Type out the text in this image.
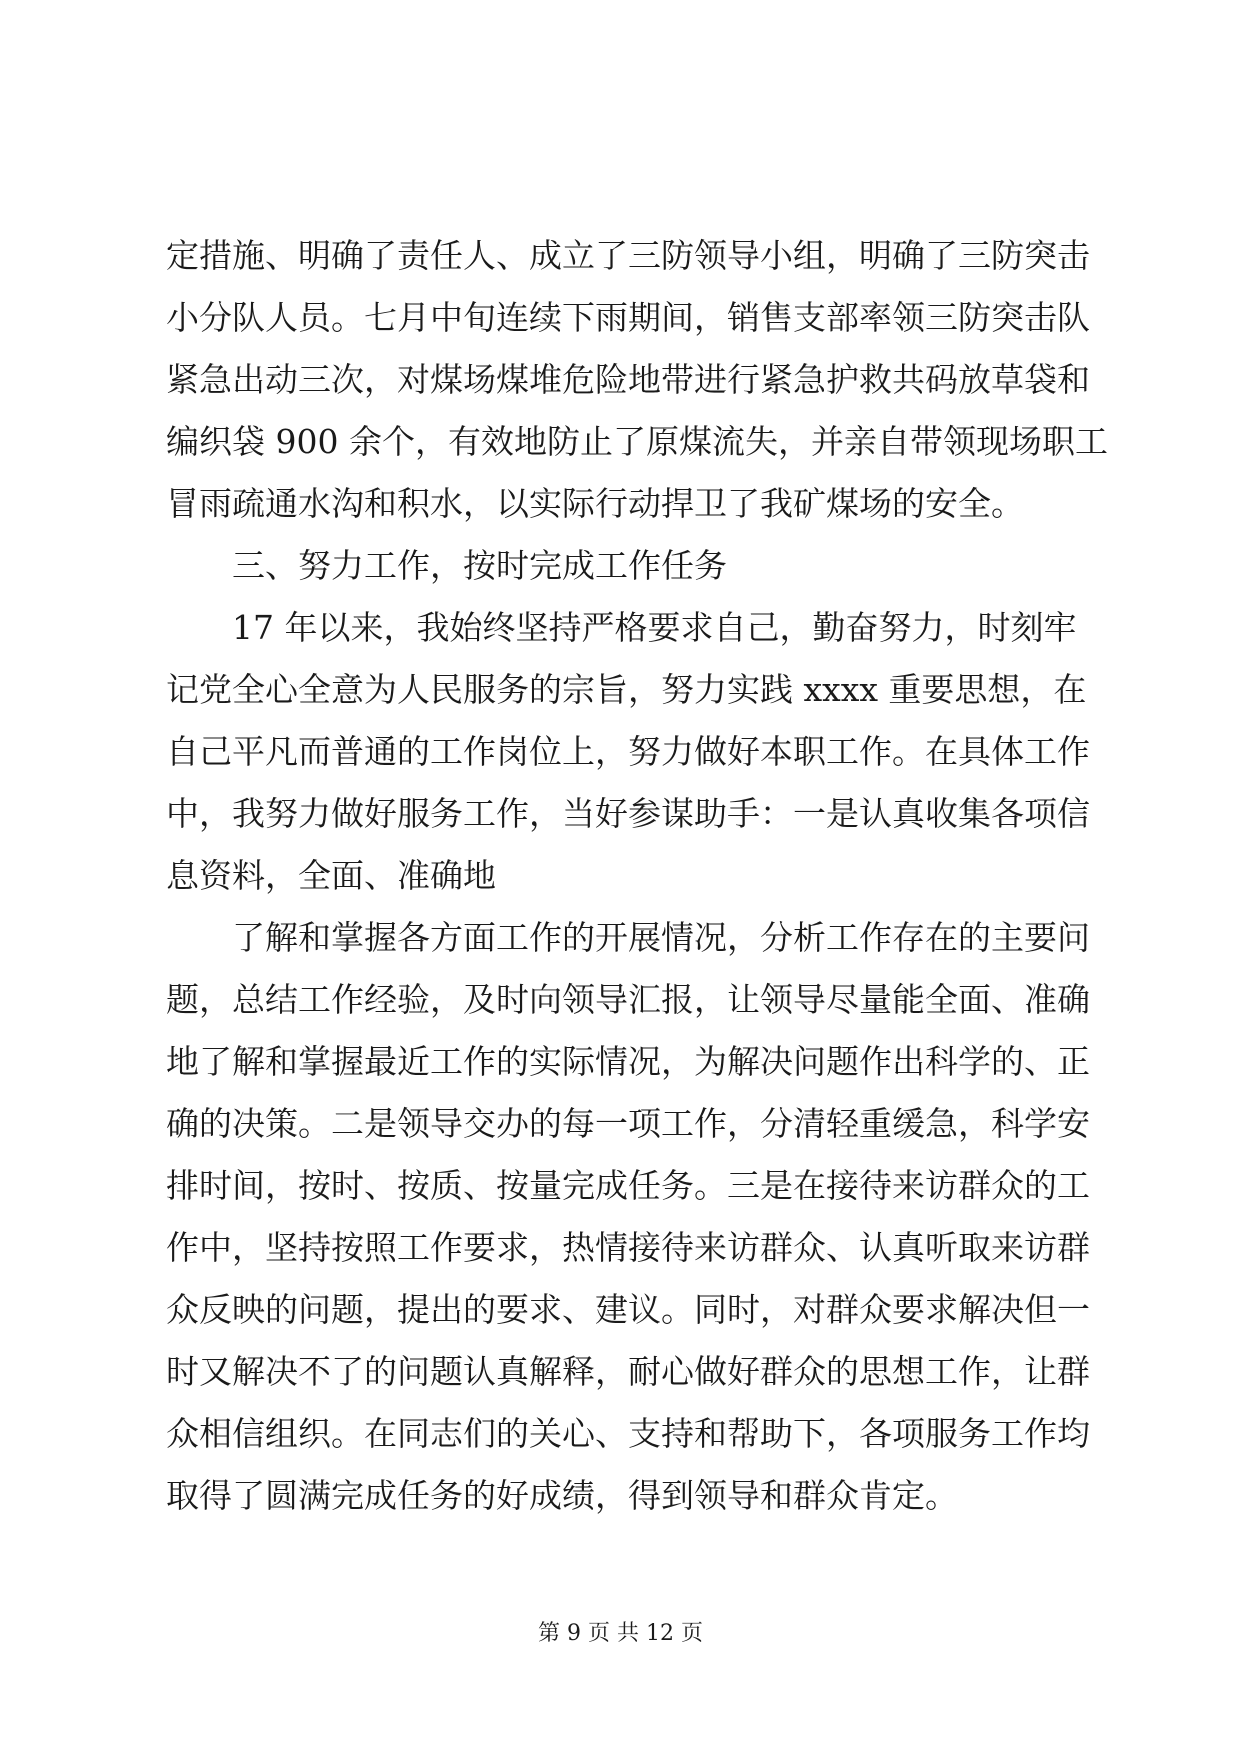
定措施、明确了责任人、成立了三防领导小组，明确了三防突击
小分队人员。七月中旬连续下雨期间，销售支部率领三防突击队
紧急出动三次，对煤场煤堆危险地带进行紧急护救共码放草袋和
编织袋 900 余个，有效地防止了原煤流失，并亲自带领现场职工
冒雨疏通水沟和积水，以实际行动捍卫了我矿煤场的安全。
三、努力工作，按时完成工作任务
17 年以来，我始终坚持严格要求自己，勤奋努力，时刻牢
记党全心全意为人民服务的宗旨，努力实践 xxxx 重要思想，在
自己平凡而普通的工作岗位上，努力做好本职工作。在具体工作
中，我努力做好服务工作，当好参谋助手：一是认真收集各项信
息资料，全面、准确地
了解和掌握各方面工作的开展情况，分析工作存在的主要问
题，总结工作经验，及时向领导汇报，让领导尽量能全面、准确
地了解和掌握最近工作的实际情况，为解决问题作出科学的、正
确的决策。二是领导交办的每一项工作，分清轻重缓急，科学安
排时间，按时、按质、按量完成任务。三是在接待来访群众的工
作中，坚持按照工作要求，热情接待来访群众、认真听取来访群
众反映的问题，提出的要求、建议。同时，对群众要求解决但一
时又解决不了的问题认真解释，耐心做好群众的思想工作，让群
众相信组织。在同志们的关心、支持和帮助下，各项服务工作均
取得了圆满完成任务的好成绩，得到领导和群众肯定。
第 9 页 共 12 页
